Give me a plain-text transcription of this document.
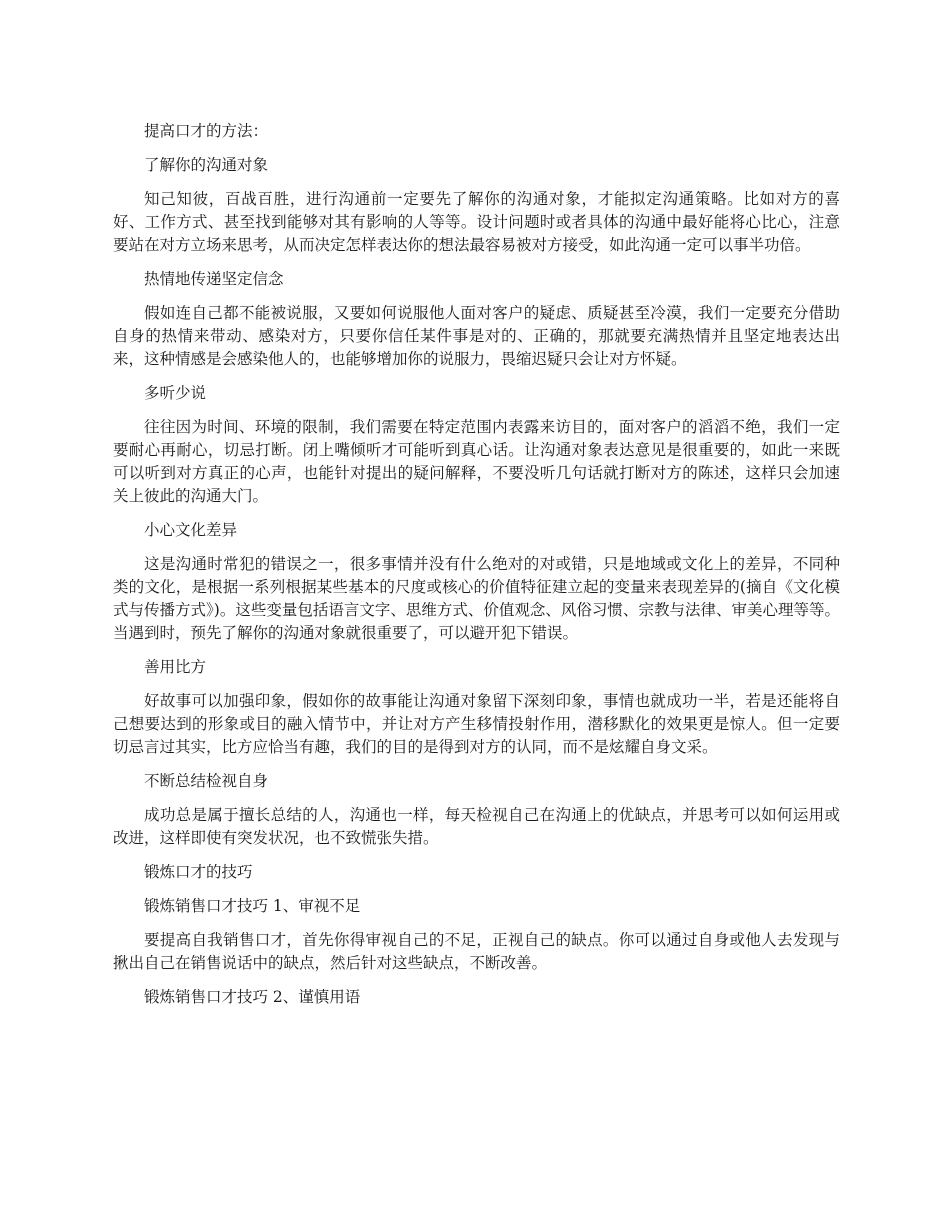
提高口才的方法：

了解你的沟通对象

知己知彼，百战百胜，进行沟通前一定要先了解你的沟通对象，才能拟定沟通策略。比如对方的喜好、工作方式、甚至找到能够对其有影响的人等等。设计问题时或者具体的沟通中最好能将心比心，注意要站在对方立场来思考，从而决定怎样表达你的想法最容易被对方接受，如此沟通一定可以事半功倍。

热情地传递坚定信念

假如连自己都不能被说服，又要如何说服他人面对客户的疑虑、质疑甚至冷漠，我们一定要充分借助自身的热情来带动、感染对方，只要你信任某件事是对的、正确的，那就要充满热情并且坚定地表达出来，这种情感是会感染他人的，也能够增加你的说服力，畏缩迟疑只会让对方怀疑。

多听少说

往往因为时间、环境的限制，我们需要在特定范围内表露来访目的，面对客户的滔滔不绝，我们一定要耐心再耐心，切忌打断。闭上嘴倾听才可能听到真心话。让沟通对象表达意见是很重要的，如此一来既可以听到对方真正的心声，也能针对提出的疑问解释，不要没听几句话就打断对方的陈述，这样只会加速关上彼此的沟通大门。

小心文化差异

这是沟通时常犯的错误之一，很多事情并没有什么绝对的对或错，只是地域或文化上的差异，不同种类的文化，是根据一系列根据某些基本的尺度或核心的价值特征建立起的变量来表现差异的(摘自《文化模式与传播方式》)。这些变量包括语言文字、思维方式、价值观念、风俗习惯、宗教与法律、审美心理等等。当遇到时，预先了解你的沟通对象就很重要了，可以避开犯下错误。

善用比方

好故事可以加强印象，假如你的故事能让沟通对象留下深刻印象，事情也就成功一半，若是还能将自己想要达到的形象或目的融入情节中，并让对方产生移情投射作用，潜移默化的效果更是惊人。但一定要切忌言过其实，比方应恰当有趣，我们的目的是得到对方的认同，而不是炫耀自身文采。

不断总结检视自身

成功总是属于擅长总结的人，沟通也一样，每天检视自己在沟通上的优缺点，并思考可以如何运用或改进，这样即使有突发状况，也不致慌张失措。

锻炼口才的技巧

锻炼销售口才技巧 1、审视不足

要提高自我销售口才，首先你得审视自己的不足，正视自己的缺点。你可以通过自身或他人去发现与揪出自己在销售说话中的缺点，然后针对这些缺点，不断改善。

锻炼销售口才技巧 2、谨慎用语
